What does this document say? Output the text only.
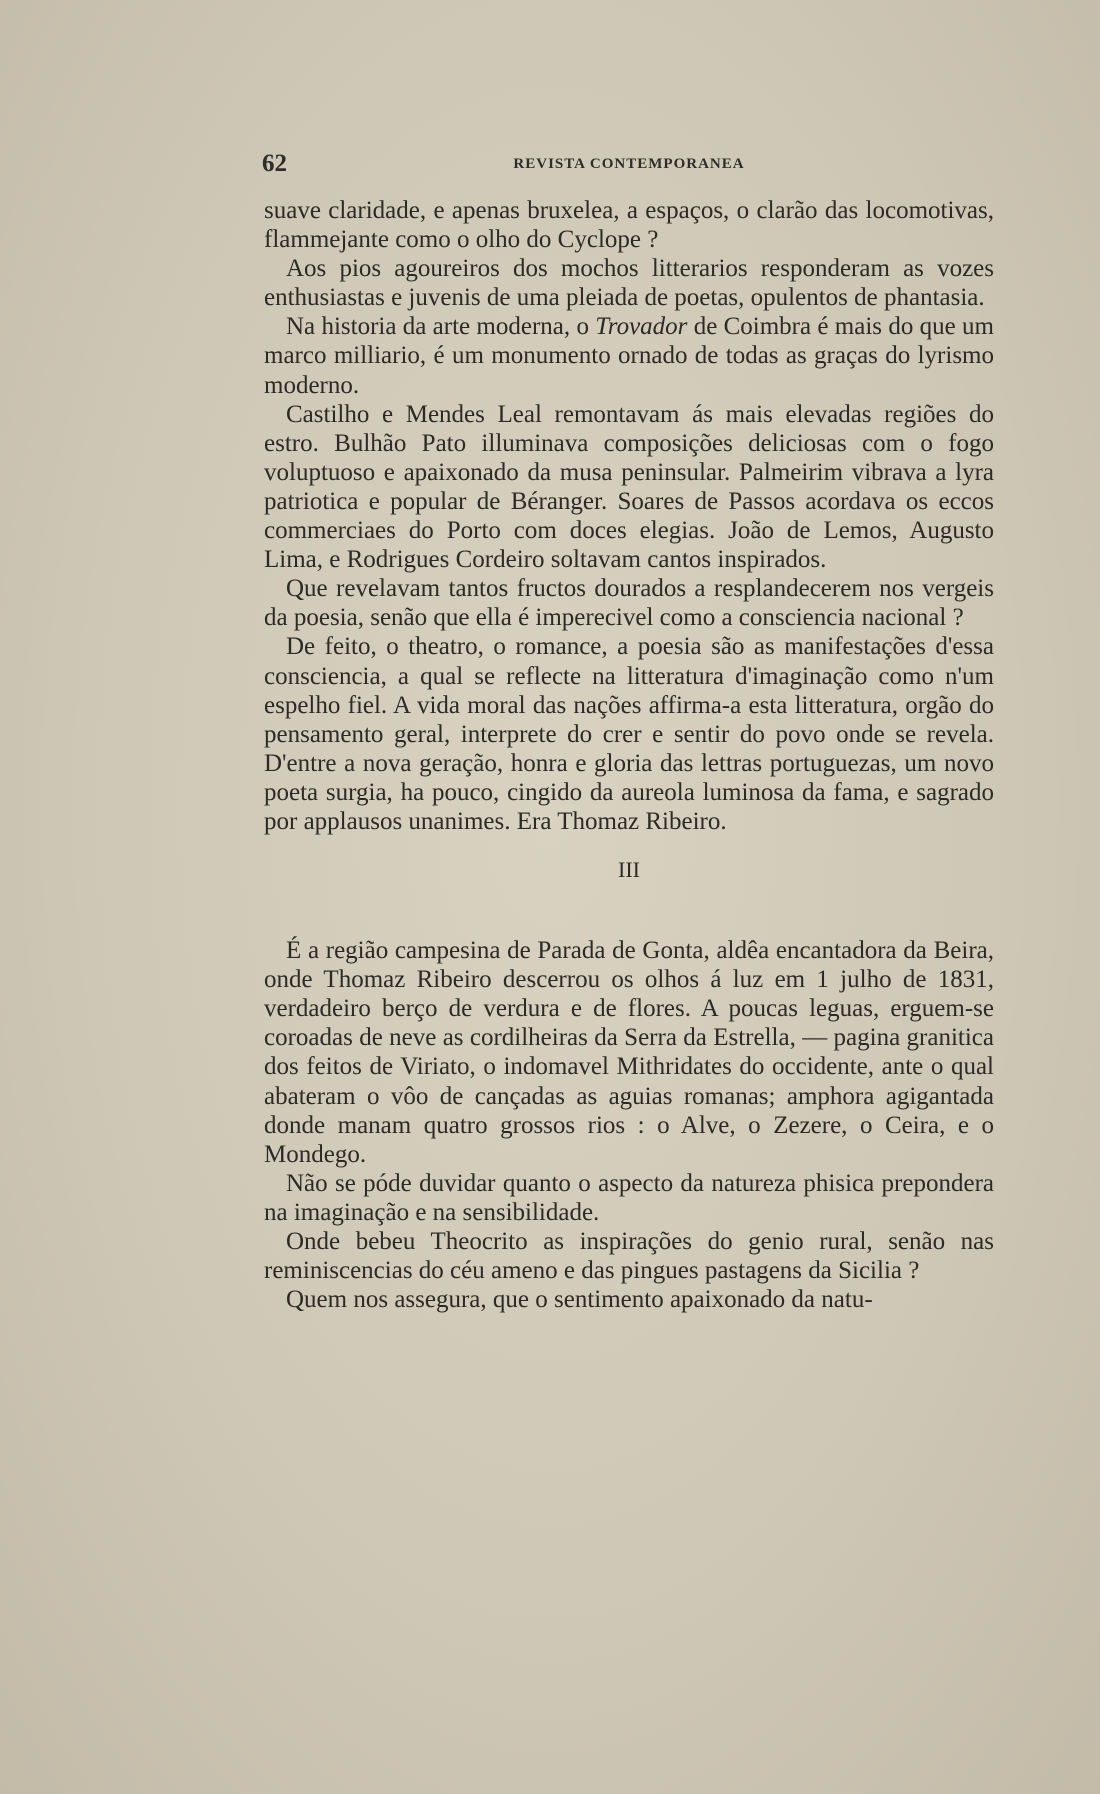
62	REVISTA CONTEMPORANEA

suave claridade, e apenas bruxelea, a espaços, o clarão das locomotivas, flammejante como o olho do Cyclope ?

Aos pios agoureiros dos mochos litterarios responderam as vozes enthusiastas e juvenis de uma pleiada de poetas, opulentos de phantasia.

Na historia da arte moderna, o Trovador de Coimbra é mais do que um marco milliario, é um monumento ornado de todas as graças do lyrismo moderno.

Castilho e Mendes Leal remontavam ás mais elevadas regiões do estro. Bulhão Pato illuminava composições deliciosas com o fogo voluptuoso e apaixonado da musa peninsular. Palmeirim vibrava a lyra patriotica e popular de Béranger. Soares de Passos acordava os eccos commerciaes do Porto com doces elegias. João de Lemos, Augusto Lima, e Rodrigues Cordeiro soltavam cantos inspirados.

Que revelavam tantos fructos dourados a resplandecerem nos vergeis da poesia, senão que ella é imperecivel como a consciencia nacional ?

De feito, o theatro, o romance, a poesia são as manifestações d'essa consciencia, a qual se reflecte na litteratura d'imaginação como n'um espelho fiel. A vida moral das nações affirma-a esta litteratura, orgão do pensamento geral, interprete do crer e sentir do povo onde se revela. D'entre a nova geração, honra e gloria das lettras portuguezas, um novo poeta surgia, ha pouco, cingido da aureola luminosa da fama, e sagrado por applausos unanimes. Era Thomaz Ribeiro.

III

É a região campesina de Parada de Gonta, aldêa encantadora da Beira, onde Thomaz Ribeiro descerrou os olhos á luz em 1 julho de 1831, verdadeiro berço de verdura e de flores. A poucas leguas, erguem-se coroadas de neve as cordilheiras da Serra da Estrella, — pagina granitica dos feitos de Viriato, o indomavel Mithridates do occidente, ante o qual abateram o vôo de cançadas as aguias romanas; amphora agigantada donde manam quatro grossos rios : o Alve, o Zezere, o Ceira, e o Mondego.

Não se póde duvidar quanto o aspecto da natureza phisica prepondera na imaginação e na sensibilidade.

Onde bebeu Theocrito as inspirações do genio rural, senão nas reminiscencias do céu ameno e das pingues pastagens da Sicilia ?

Quem nos assegura, que o sentimento apaixonado da natu-
